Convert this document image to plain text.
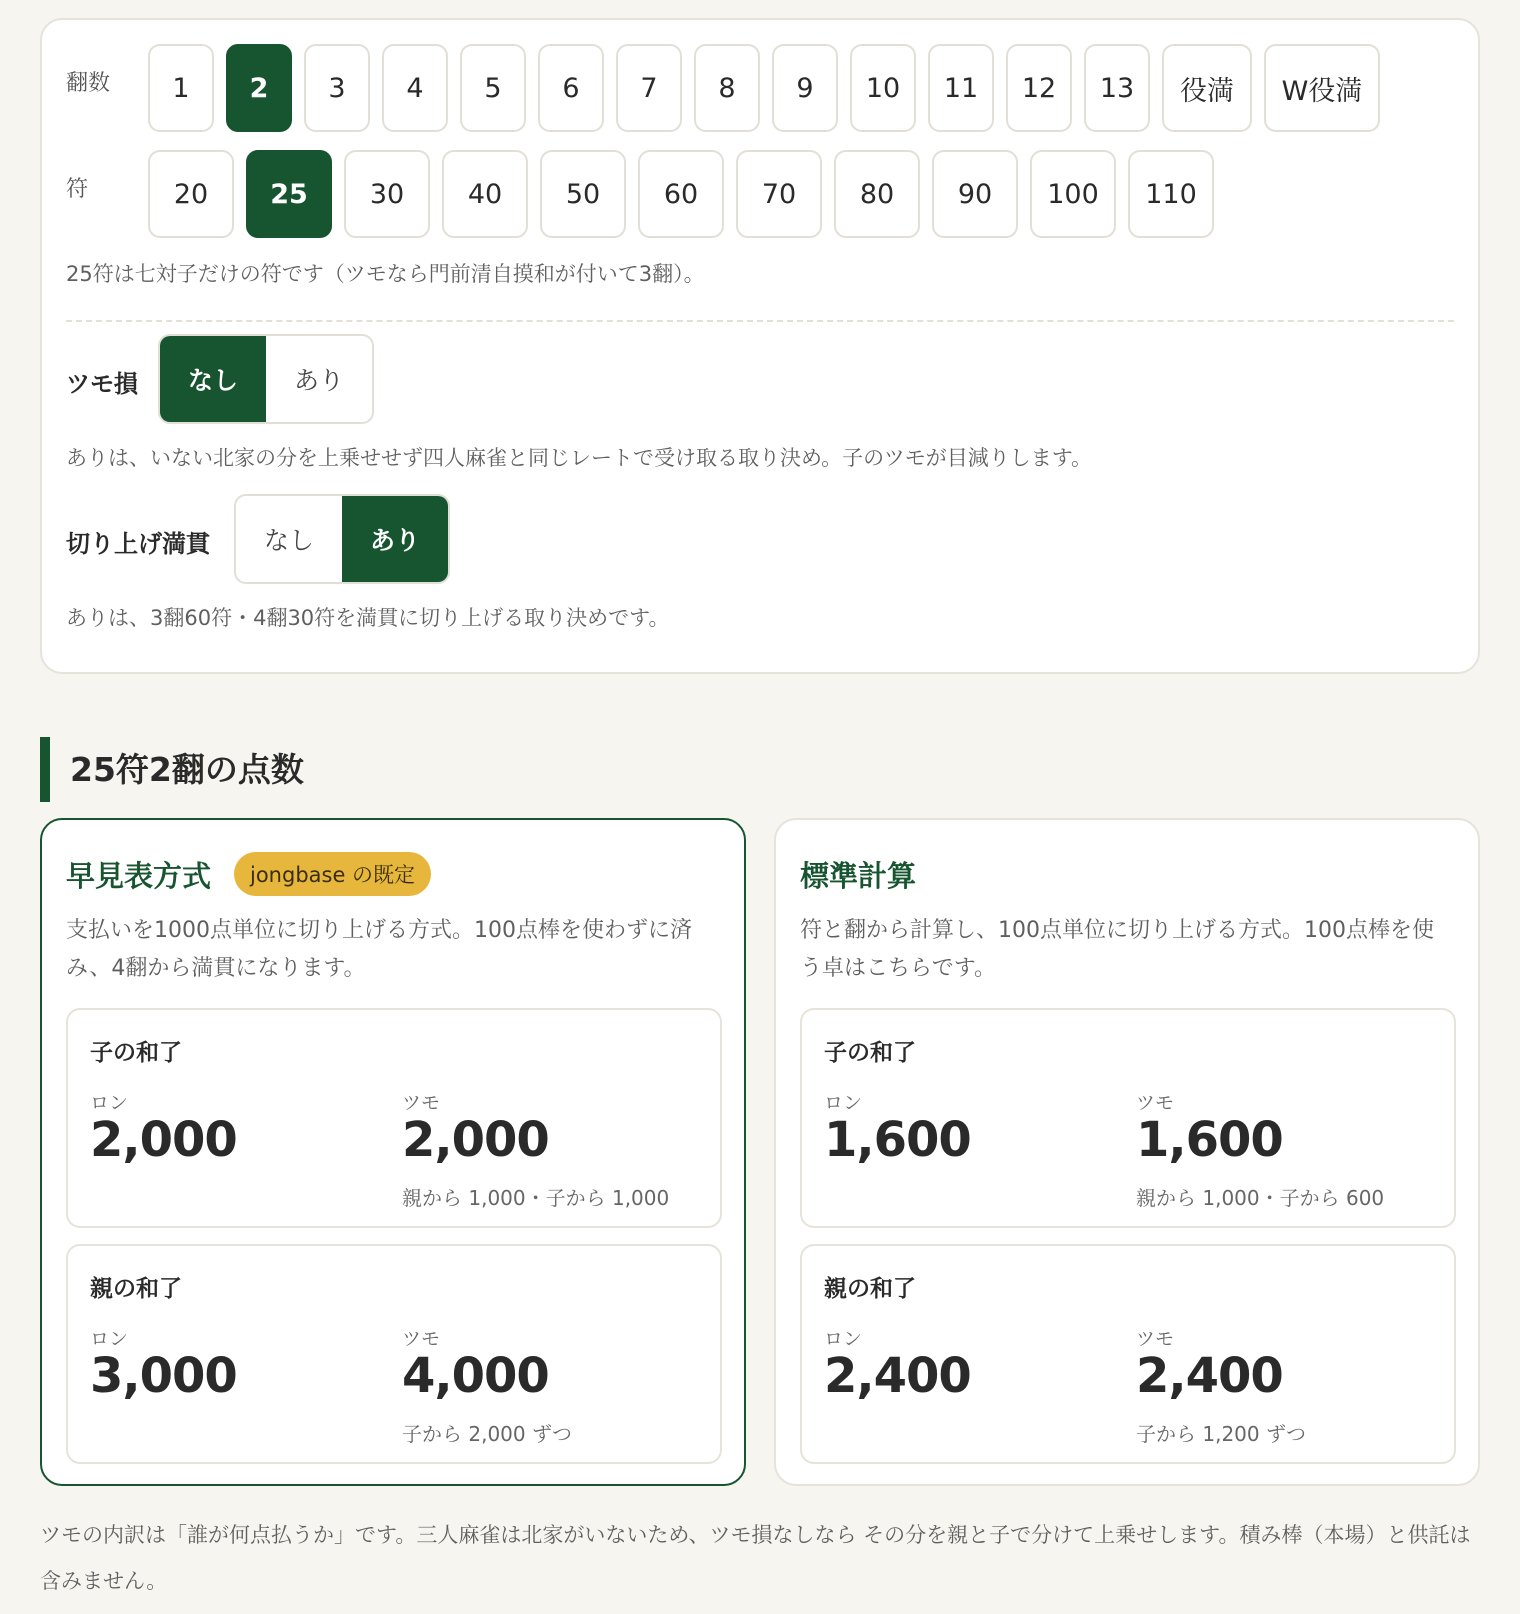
翻数	1	2	3	4	5	6	7	8	9	10	11	12	13	役満	W役満
符	20	25	30	40	50	60	70	80	90	100	110
25符は七対子だけの符です（ツモなら門前清自摸和が付いて3翻）。
ツモ損	なし	あり
ありは、いない北家の分を上乗せせず四人麻雀と同じレートで受け取る取り決め。子のツモが目減りします。
切り上げ満貫	なし	あり
ありは、3翻60符・4翻30符を満貫に切り上げる取り決めです。
25符2翻の点数
早見表方式	jongbase の既定
支払いを1000点単位に切り上げる方式。100点棒を使わずに済み、4翻から満貫になります。
子の和了
ロン
2,000
ツモ
2,000
親から 1,000・子から 1,000
親の和了
ロン
3,000
ツモ
4,000
子から 2,000 ずつ
標準計算
符と翻から計算し、100点単位に切り上げる方式。100点棒を使う卓はこちらです。
子の和了
ロン
1,600
ツモ
1,600
親から 1,000・子から 600
親の和了
ロン
2,400
ツモ
2,400
子から 1,200 ずつ
ツモの内訳は「誰が何点払うか」です。三人麻雀は北家がいないため、ツモ損なしなら その分を親と子で分けて上乗せします。積み棒（本場）と供託は含みません。
